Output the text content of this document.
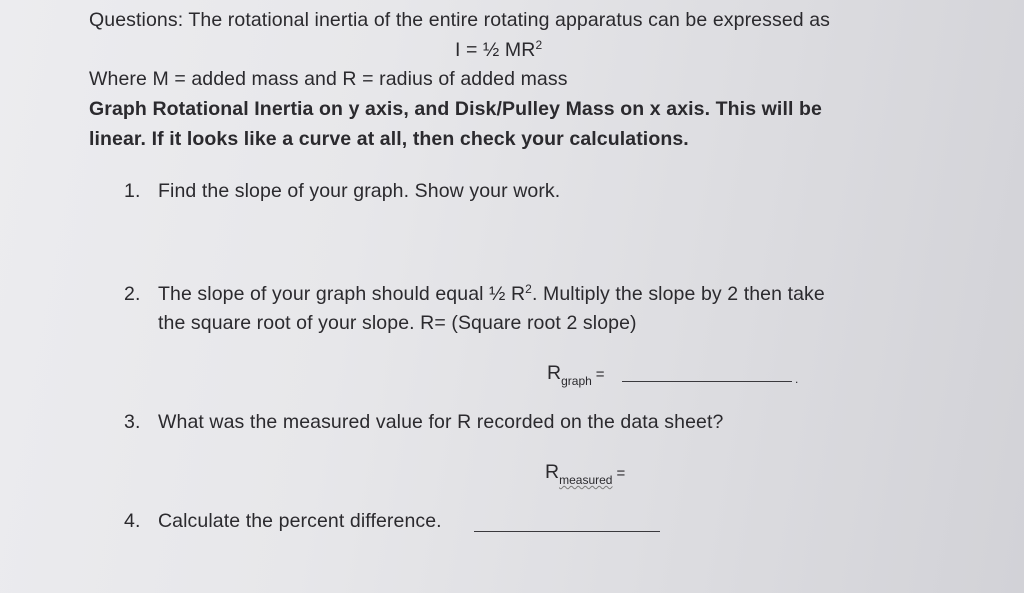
Questions: The rotational inertia of the entire rotating apparatus can be expressed as
I = ½ $MR^2$
Where M = added mass and R = radius of added mass
Graph Rotational Inertia on y axis, and Disk/Pulley Mass on x axis. This will be
linear. If it looks like a curve at all, then check your calculations.
1. Find the slope of your graph. Show your work.
2. The slope of your graph should equal ½ $R^2$. Multiply the slope by 2 then take
the square root of your slope. R= (Square root 2 slope)
$R_{graph}$ =	.
3. What was the measured value for R recorded on the data sheet?
$R_{measured}$ =
4. Calculate the percent difference.
